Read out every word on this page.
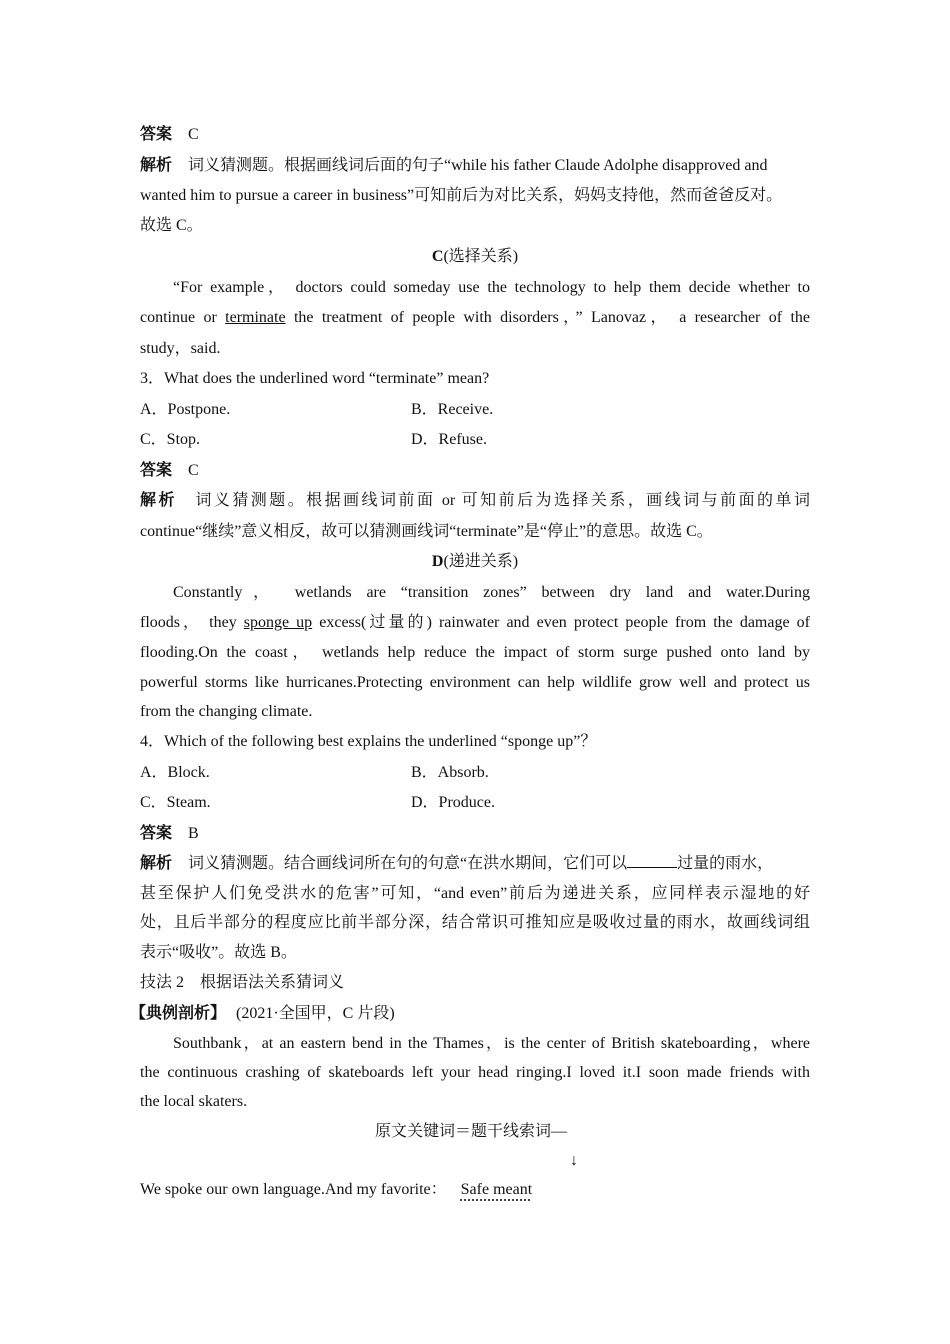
答案 C
解析 词义猜测题。根据画线词后面的句子“while his father Claude Adolphe disapproved and
wanted him to pursue a career in business”可知前后为对比关系，妈妈支持他，然而爸爸反对。
故选 C。
C(选择关系)
“For example， doctors could someday use the technology to help them decide whether to
continue or terminate the treatment of people with disorders，” Lanovaz， a researcher of the
study，said.
3．What does the underlined word “terminate” mean?
A．Postpone.	B．Receive.
C．Stop.	D．Refuse.
答案 C
解析 词义猜测题。根据画线词前面 or 可知前后为选择关系，画线词与前面的单词
continue“继续”意义相反，故可以猜测画线词“terminate”是“停止”的意思。故选 C。
D(递进关系)
Constantly， wetlands are “transition zones” between dry land and water.During
floods， they sponge up excess(过量的) rainwater and even protect people from the damage of
flooding.On the coast， wetlands help reduce the impact of storm surge pushed onto land by
powerful storms like hurricanes.Protecting environment can help wildlife grow well and protect us
from the changing climate.
4．Which of the following best explains the underlined “sponge up”？
A．Block.	B．Absorb.
C．Steam.	D．Produce.
答案 B
解析 词义猜测题。结合画线词所在句的句意“在洪水期间，它们可以	过量的雨水，
甚至保护人们免受洪水的危害”可知，“and even”前后为递进关系，应同样表示湿地的好
处，且后半部分的程度应比前半部分深，结合常识可推知应是吸收过量的雨水，故画线词组
表示“吸收”。故选 B。
技法 2　根据语法关系猜词义
【典例剖析】 (2021·全国甲，C 片段)
Southbank，at an eastern bend in the Thames，is the center of British skateboarding，where
the continuous crashing of skateboards left your head ringing.I loved it.I soon made friends with
the local skaters.
原文关键词＝题干线索词—
↓
We spoke our own language.And my favorite： Safe meant
